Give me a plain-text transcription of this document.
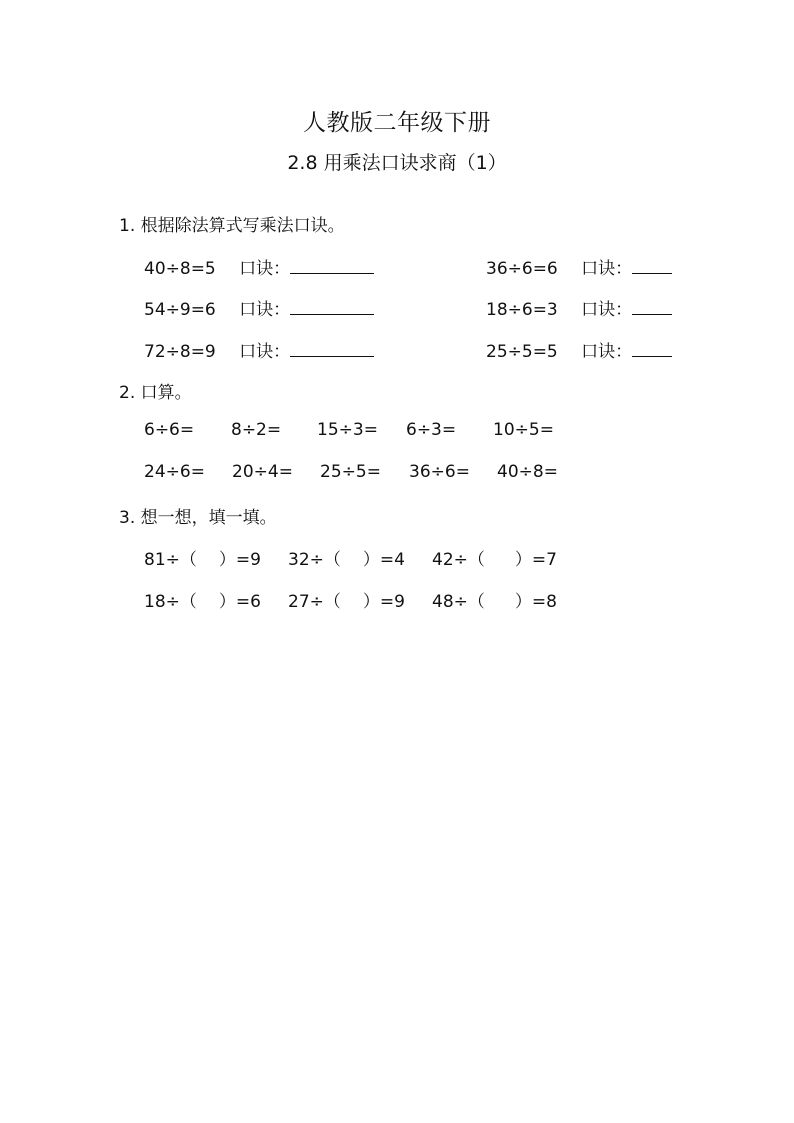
人教版二年级下册
2.8 用乘法口诀求商（1）
1. 根据除法算式写乘法口诀。
40÷8=5 口诀：	36÷6=6 口诀：
54÷9=6 口诀：	18÷6=3 口诀：
72÷8=9 口诀：	25÷5=5 口诀：
2. 口算。
6÷6= 8÷2= 15÷3= 6÷3= 10÷5=
24÷6= 20÷4= 25÷5= 36÷6= 40÷8=
3. 想一想，填一填。
81÷（ ）=9 32÷（ ）=4 42÷（ ）=7
18÷（ ）=6 27÷（ ）=9 48÷（ ）=8
